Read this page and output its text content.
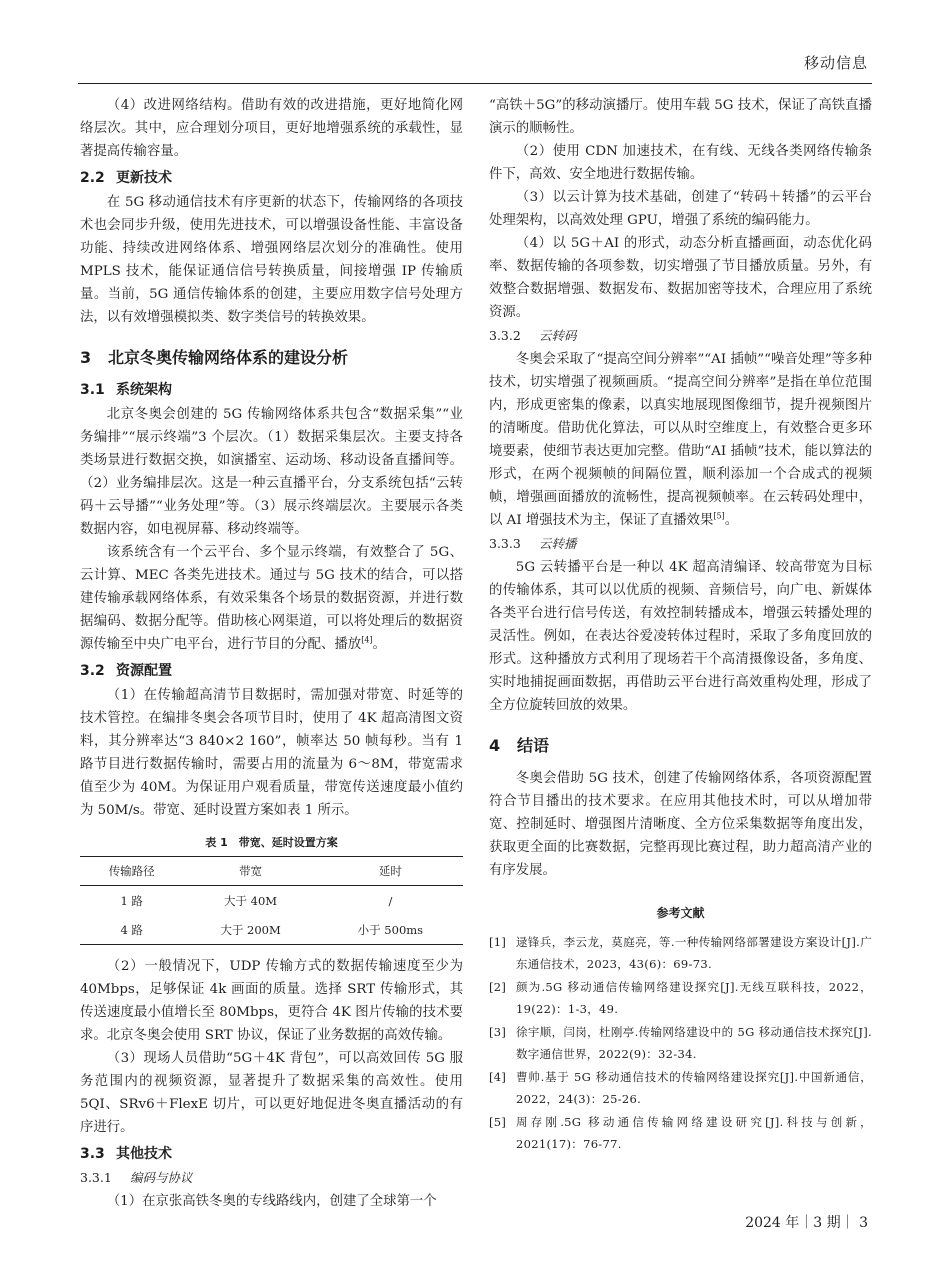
移动信息

（4）改进网络结构。借助有效的改进措施，更好地简化网络层次。其中，应合理划分项目，更好地增强系统的承载性，显著提高传输容量。

2.2 更新技术

在 5G 移动通信技术有序更新的状态下，传输网络的各项技术也会同步升级，使用先进技术，可以增强设备性能、丰富设备功能、持续改进网络体系、增强网络层次划分的准确性。使用 MPLS 技术，能保证通信信号转换质量，间接增强 IP 传输质量。当前，5G 通信传输体系的创建，主要应用数字信号处理方法，以有效增强模拟类、数字类信号的转换效果。

3 北京冬奥传输网络体系的建设分析
3.1 系统架构

北京冬奥会创建的 5G 传输网络体系共包含“数据采集”“业务编排”“展示终端”3 个层次。（1）数据采集层次。主要支持各类场景进行数据交换，如演播室、运动场、移动设备直播间等。（2）业务编排层次。这是一种云直播平台，分支系统包括“云转码＋云导播”“业务处理”等。（3）展示终端层次。主要展示各类数据内容，如电视屏幕、移动终端等。

该系统含有一个云平台、多个显示终端，有效整合了 5G、云计算、MEC 各类先进技术。通过与 5G 技术的结合，可以搭建传输承载网络体系，有效采集各个场景的数据资源，并进行数据编码、数据分配等。借助核心网渠道，可以将处理后的数据资源传输至中央广电平台，进行节目的分配、播放[4]。

3.2 资源配置

（1）在传输超高清节目数据时，需加强对带宽、时延等的技术管控。在编排冬奥会各项节目时，使用了 4K 超高清图文资料，其分辨率达“3 840×2 160”，帧率达 50 帧每秒。当有 1 路节目进行数据传输时，需要占用的流量为 6～8M，带宽需求值至少为 40M。为保证用户观看质量，带宽传送速度最小值约为 50M/s。带宽、延时设置方案如表 1 所示。

表 1　带宽、延时设置方案
传输路径	带宽	延时
1 路	大于 40M	/
4 路	大于 200M	小于 500ms

（2）一般情况下，UDP 传输方式的数据传输速度至少为 40Mbps，足够保证 4k 画面的质量。选择 SRT 传输形式，其传送速度最小值增长至 80Mbps，更符合 4K 图片传输的技术要求。北京冬奥会使用 SRT 协议，保证了业务数据的高效传输。

（3）现场人员借助“5G＋4K 背包”，可以高效回传 5G 服务范围内的视频资源，显著提升了数据采集的高效性。使用 5QI、SRv6＋FlexE 切片，可以更好地促进冬奥直播活动的有序进行。

3.3 其他技术
3.3.1 编码与协议

（1）在京张高铁冬奥的专线路线内，创建了全球第一个

“高铁＋5G”的移动演播厅。使用车载 5G 技术，保证了高铁直播演示的顺畅性。

（2）使用 CDN 加速技术，在有线、无线各类网络传输条件下，高效、安全地进行数据传输。

（3）以云计算为技术基础，创建了“转码＋转播”的云平台处理架构，以高效处理 GPU，增强了系统的编码能力。

（4）以 5G＋AI 的形式，动态分析直播画面，动态优化码率、数据传输的各项参数，切实增强了节目播放质量。另外，有效整合数据增强、数据发布、数据加密等技术，合理应用了系统资源。

3.3.2 云转码

冬奥会采取了“提高空间分辨率”“AI 插帧”“噪音处理”等多种技术，切实增强了视频画质。“提高空间分辨率”是指在单位范围内，形成更密集的像素，以真实地展现图像细节，提升视频图片的清晰度。借助优化算法，可以从时空维度上，有效整合更多环境要素，使细节表达更加完整。借助“AI 插帧”技术，能以算法的形式，在两个视频帧的间隔位置，顺利添加一个合成式的视频帧，增强画面播放的流畅性，提高视频帧率。在云转码处理中，以 AI 增强技术为主，保证了直播效果[5]。

3.3.3 云转播

5G 云转播平台是一种以 4K 超高清编译、较高带宽为目标的传输体系，其可以以优质的视频、音频信号，向广电、新媒体各类平台进行信号传送，有效控制转播成本，增强云转播处理的灵活性。例如，在表达谷爱凌转体过程时，采取了多角度回放的形式。这种播放方式利用了现场若干个高清摄像设备，多角度、实时地捕捉画面数据，再借助云平台进行高效重构处理，形成了全方位旋转回放的效果。

4 结语

冬奥会借助 5G 技术，创建了传输网络体系，各项资源配置符合节目播出的技术要求。在应用其他技术时，可以从增加带宽、控制延时、增强图片清晰度、全方位采集数据等角度出发，获取更全面的比赛数据，完整再现比赛过程，助力超高清产业的有序发展。

参考文献
[1] 逯锋兵，李云龙，莫庭亮，等.一种传输网络部署建设方案设计[J].广东通信技术，2023，43(6)：69-73.
[2] 颜为.5G 移动通信传输网络建设探究[J].无线互联科技，2022，19(22)：1-3，49.
[3] 徐宇顺，闫岗，杜刚亭.传输网络建设中的 5G 移动通信技术探究[J].数字通信世界，2022(9)：32-34.
[4] 曹帅.基于 5G 移动通信技术的传输网络建设探究[J].中国新通信，2022，24(3)：25-26.
[5] 周存刚.5G 移动通信传输网络建设研究[J].科技与创新，2021(17)：76-77.
2024 年｜3 期｜ 3
